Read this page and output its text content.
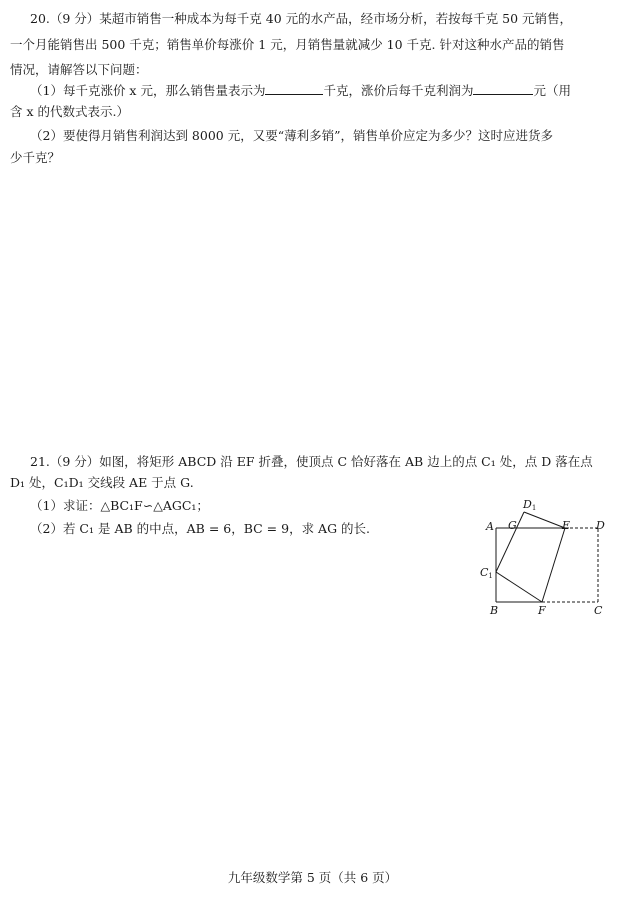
20.（9 分）某超市销售一种成本为每千克 40 元的水产品，经市场分析，若按每千克 50 元销售，
一个月能销售出 500 千克；销售单价每涨价 1 元，月销售量就减少 10 千克. 针对这种水产品的销售
情况，请解答以下问题：
（1）每千克涨价 x 元，那么销售量表示为	千克，涨价后每千克利润为	元（用
含 x 的代数式表示.）
（2）要使得月销售利润达到 8000 元，又要“薄利多销”，销售单价应定为多少？这时应进货多
少千克？
21.（9 分）如图，将矩形 ABCD 沿 EF 折叠，使顶点 C 恰好落在 AB 边上的点 C₁ 处，点 D 落在点
D₁ 处，C₁D₁ 交线段 AE 于点 G.
（1）求证：△BC₁F∽△AGC₁；
（2）若 C₁ 是 AB 的中点，AB = 6，BC = 9，求 AG 的长.	A G	E D
B	F	C
C1
D1
九年级数学第 5 页（共 6 页）
